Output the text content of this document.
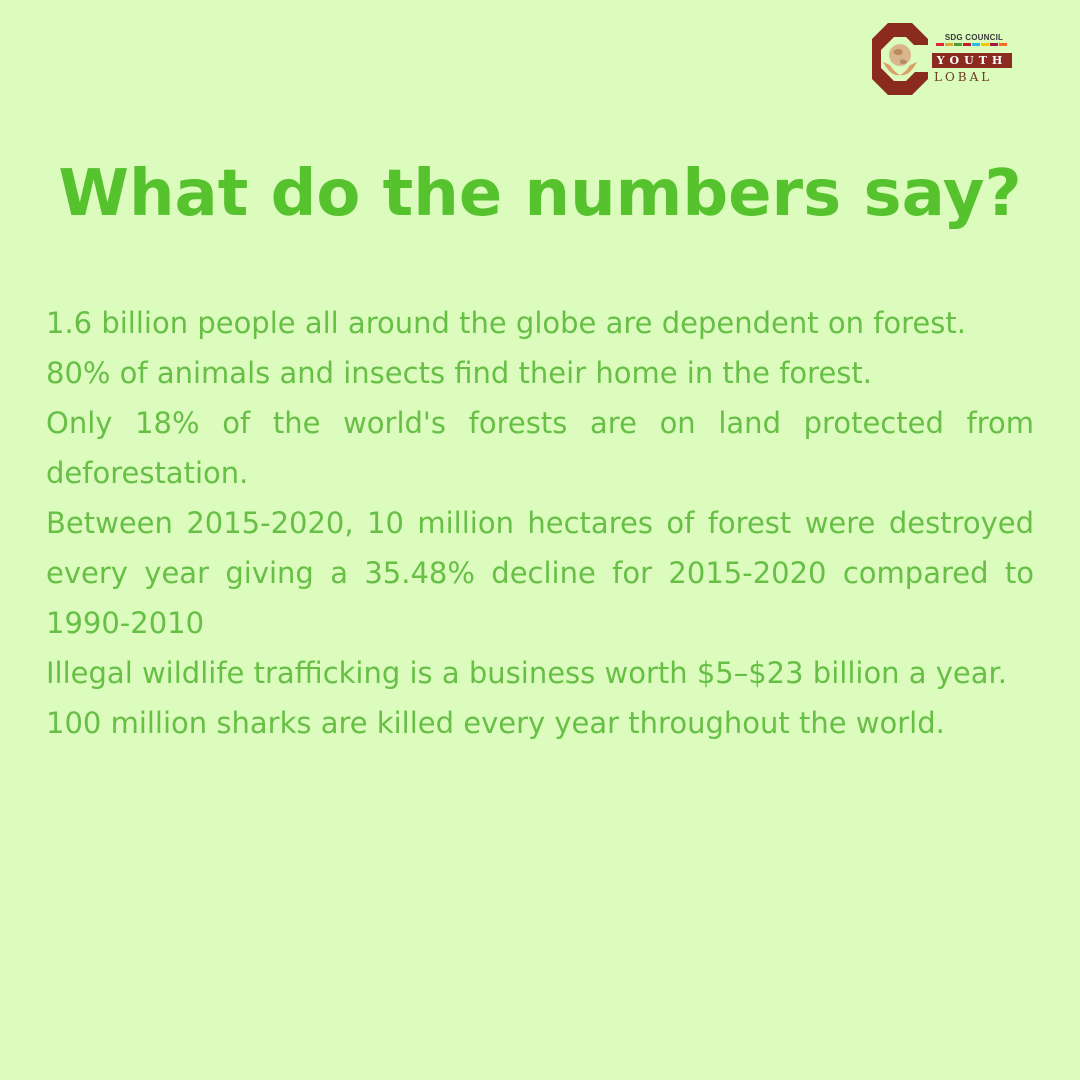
SDG COUNCIL
YOUTH
LOBAL
What do the numbers say?
1.6 billion people all around the globe are dependent on forest.
80% of animals and insects find their home in the forest.
Only 18% of the world's forests are on land protected from deforestation.
Between 2015-2020, 10 million hectares of forest were destroyed every year giving a 35.48% decline for 2015-2020 compared to 1990-2010
Illegal wildlife trafficking is a business worth $5–$23 billion a year.
100 million sharks are killed every year throughout the world.
